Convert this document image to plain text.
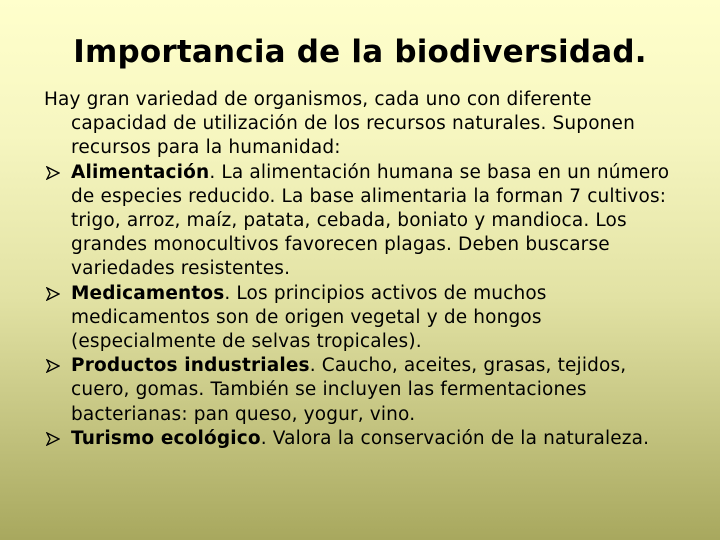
Importancia de la biodiversidad.

Hay gran variedad de organismos, cada uno con diferente capacidad de utilización de los recursos naturales. Suponen recursos para la humanidad:

Alimentación. La alimentación humana se basa en un número de especies reducido. La base alimentaria la forman 7 cultivos: trigo, arroz, maíz, patata, cebada, boniato y mandioca. Los grandes monocultivos favorecen plagas. Deben buscarse variedades resistentes.

Medicamentos. Los principios activos de muchos medicamentos son de origen vegetal y de hongos (especialmente de selvas tropicales).

Productos industriales. Caucho, aceites, grasas, tejidos, cuero, gomas. También se incluyen las fermentaciones bacterianas: pan queso, yogur, vino.

Turismo ecológico. Valora la conservación de la naturaleza.
